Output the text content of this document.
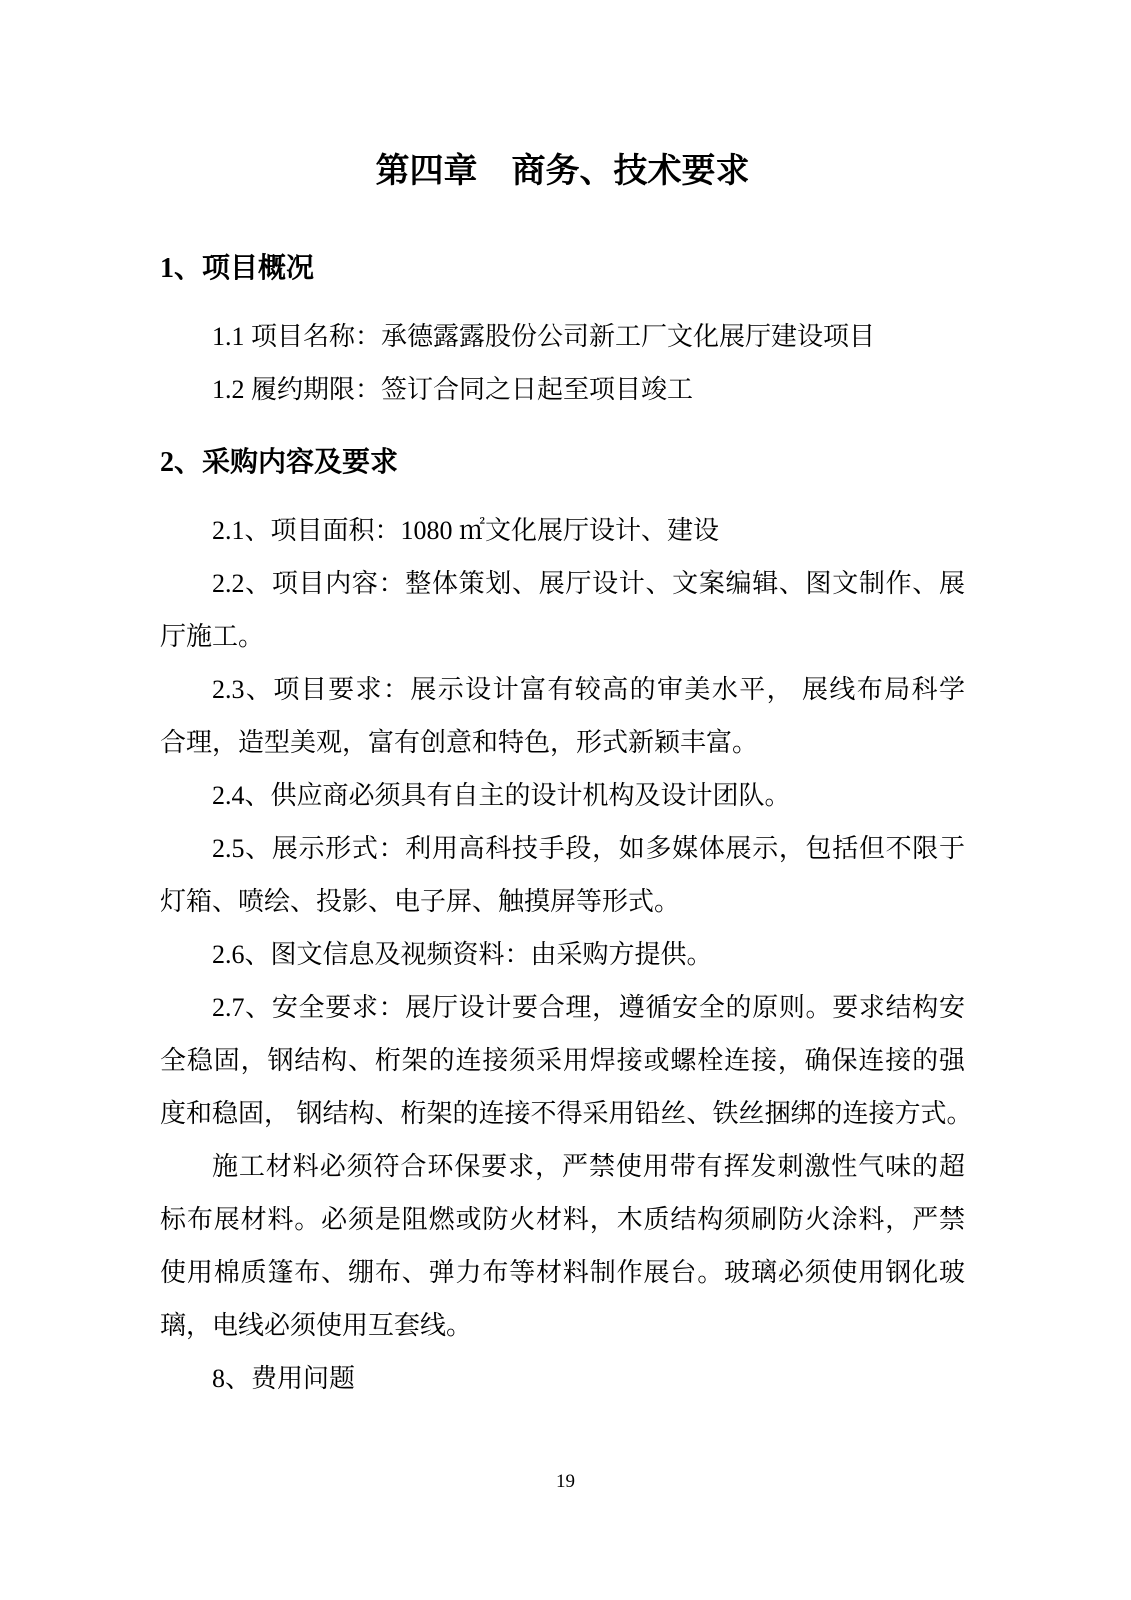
第四章　商务、技术要求
1、项目概况
1.1 项目名称：承德露露股份公司新工厂文化展厅建设项目
1.2 履约期限：签订合同之日起至项目竣工
2、采购内容及要求
2.1、项目面积：1080 ㎡文化展厅设计、建设
2.2、项目内容：整体策划、展厅设计、文案编辑、图文制作、展
厅施工。
2.3、项目要求：展示设计富有较高的审美水平， 展线布局科学
合理，造型美观，富有创意和特色，形式新颖丰富。
2.4、供应商必须具有自主的设计机构及设计团队。
2.5、展示形式：利用高科技手段，如多媒体展示，包括但不限于
灯箱、喷绘、投影、电子屏、触摸屏等形式。
2.6、图文信息及视频资料：由采购方提供。
2.7、安全要求：展厅设计要合理，遵循安全的原则。要求结构安
全稳固，钢结构、桁架的连接须采用焊接或螺栓连接，确保连接的强
度和稳固， 钢结构、桁架的连接不得采用铅丝、铁丝捆绑的连接方式。
施工材料必须符合环保要求，严禁使用带有挥发刺激性气味的超
标布展材料。必须是阻燃或防火材料，木质结构须刷防火涂料，严禁
使用棉质篷布、绷布、弹力布等材料制作展台。玻璃必须使用钢化玻
璃，电线必须使用互套线。
8、费用问题
19
